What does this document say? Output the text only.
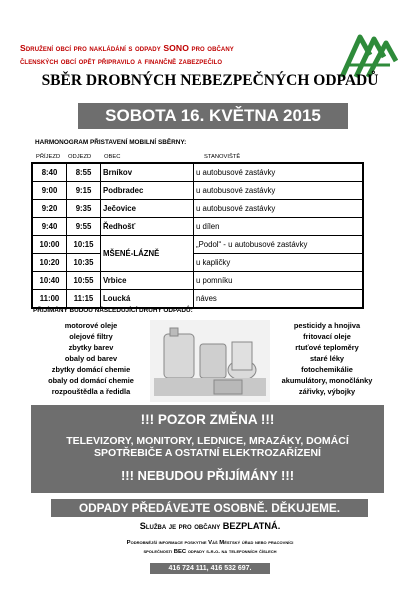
Sdružení obcí pro nakládání s odpady SONO pro občany
členských obcí opět připravilo a finančně zabezpečilo
SBĚR DROBNÝCH NEBEZPEČNÝCH ODPADŮ
SOBOTA 16. KVĚTNA 2015
HARMONOGRAM PŘISTAVENÍ MOBILNÍ SBĚRNY:
PŘÍJEZD ODJEZD OBEC	STANOVIŠTĚ
8:40	8:55	Brníkov	u autobusové zastávky
9:00	9:15	Podbradec	u autobusové zastávky
9:20	9:35	Ječovice	u autobusové zastávky
9:40	9:55	Ředhošť	u dílen
10:00	10:15	MŠENÉ-LÁZNĚ	„Podol“ - u autobusové zastávky
10:20	10:35		u kapličky
10:40	10:55	Vrbice	u pomníku
11:00	11:15	Loucká	náves
PŘIJÍMÁNY BUDOU NÁSLEDUJÍCÍ DRUHY ODPADŮ:
motorové oleje
olejové filtry
zbytky barev
obaly od barev
zbytky domácí chemie
obaly od domácí chemie
rozpouštědla a ředidla
pesticidy a hnojiva
fritovací oleje
rtuťové teploměry
staré léky
fotochemikálie
akumulátory, monočlánky
zářivky, výbojky
!!! POZOR ZMĚNA !!!
TELEVIZORY, MONITORY, LEDNICE, MRAZÁKY, DOMÁCÍ
SPOTŘEBIČE A OSTATNÍ ELEKTROZAŘÍZENÍ
!!! NEBUDOU PŘIJÍMÁNY !!!
ODPADY PŘEDÁVEJTE OSOBNĚ. DĚKUJEME.
Služba je pro občany BEZPLATNÁ.
Podrobnější informace poskytne Váš Městský úřad nebo pracovníci
společnosti BEC odpady s.r.o. na telefonních číslech
416 724 111, 416 532 697.
